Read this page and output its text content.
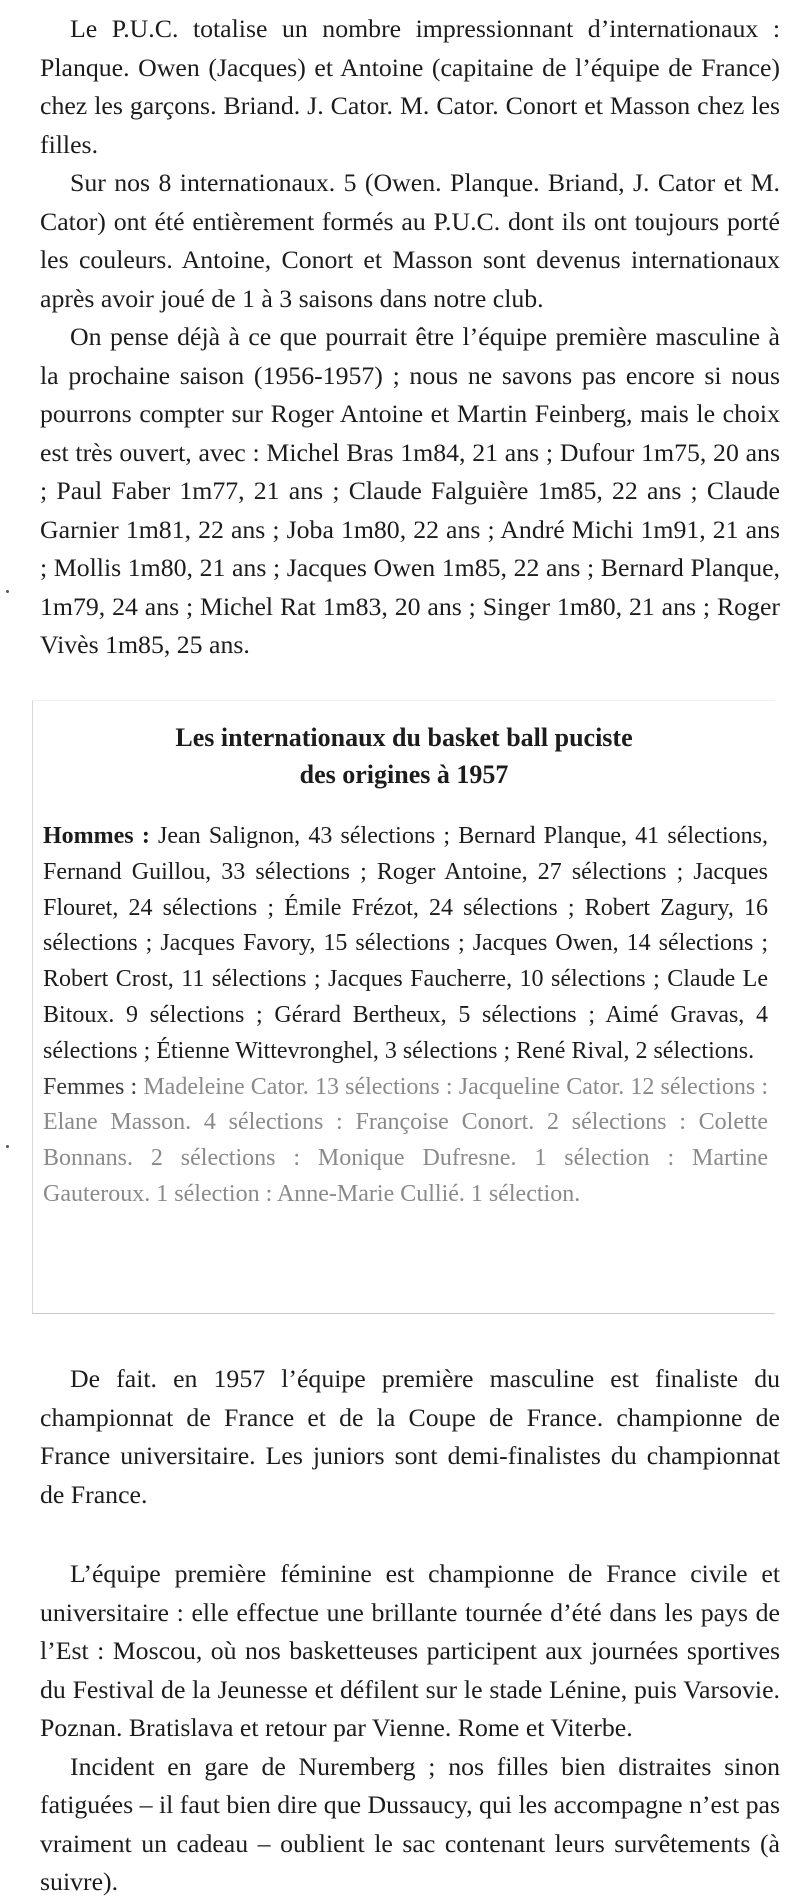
Le P.U.C. totalise un nombre impressionnant d’internationaux : Planque. Owen (Jacques) et Antoine (capitaine de l’équipe de France) chez les garçons. Briand. J. Cator. M. Cator. Conort et Masson chez les filles.

Sur nos 8 internationaux. 5 (Owen. Planque. Briand, J. Cator et M. Cator) ont été entièrement formés au P.U.C. dont ils ont toujours porté les couleurs. Antoine, Conort et Masson sont devenus internationaux après avoir joué de 1 à 3 saisons dans notre club.

On pense déjà à ce que pourrait être l’équipe première masculine à la prochaine saison (1956-1957) ; nous ne savons pas encore si nous pourrons compter sur Roger Antoine et Martin Feinberg, mais le choix est très ouvert, avec : Michel Bras 1m84, 21 ans ; Dufour 1m75, 20 ans ; Paul Faber 1m77, 21 ans ; Claude Falguière 1m85, 22 ans ; Claude Garnier 1m81, 22 ans ; Joba 1m80, 22 ans ; André Michi 1m91, 21 ans ; Mollis 1m80, 21 ans ; Jacques Owen 1m85, 22 ans ; Bernard Planque, 1m79, 24 ans ; Michel Rat 1m83, 20 ans ; Singer 1m80, 21 ans ; Roger Vivès 1m85, 25 ans.

Les internationaux du basket ball puciste
des origines à 1957

Hommes : Jean Salignon, 43 sélections ; Bernard Planque, 41 sélections, Fernand Guillou, 33 sélections ; Roger Antoine, 27 sélections ; Jacques Flouret, 24 sélections ; Émile Frézot, 24 sélections ; Robert Zagury, 16 sélections ; Jacques Favory, 15 sélections ; Jacques Owen, 14 sélections ; Robert Crost, 11 sélections ; Jacques Faucherre, 10 sélections ; Claude Le Bitoux. 9 sélections ; Gérard Bertheux, 5 sélections ; Aimé Gravas, 4 sélections ; Étienne Wittevronghel, 3 sélections ; René Rival, 2 sélections.

Femmes : Madeleine Cator. 13 sélections : Jacqueline Cator. 12 sélections : Elane Masson. 4 sélections : Françoise Conort. 2 sélections : Colette Bonnans. 2 sélections : Monique Dufresne. 1 sélection : Martine Gauteroux. 1 sélection : Anne-Marie Cullié. 1 sélection.

De fait. en 1957 l’équipe première masculine est finaliste du championnat de France et de la Coupe de France. championne de France universitaire. Les juniors sont demi-finalistes du championnat de France.

L’équipe première féminine est championne de France civile et universitaire : elle effectue une brillante tournée d’été dans les pays de l’Est : Moscou, où nos basketteuses participent aux journées sportives du Festival de la Jeunesse et défilent sur le stade Lénine, puis Varsovie. Poznan. Bratislava et retour par Vienne. Rome et Viterbe.

Incident en gare de Nuremberg ; nos filles bien distraites sinon fatiguées – il faut bien dire que Dussaucy, qui les accompagne n’est pas vraiment un cadeau – oublient le sac contenant leurs survêtements (à suivre).
